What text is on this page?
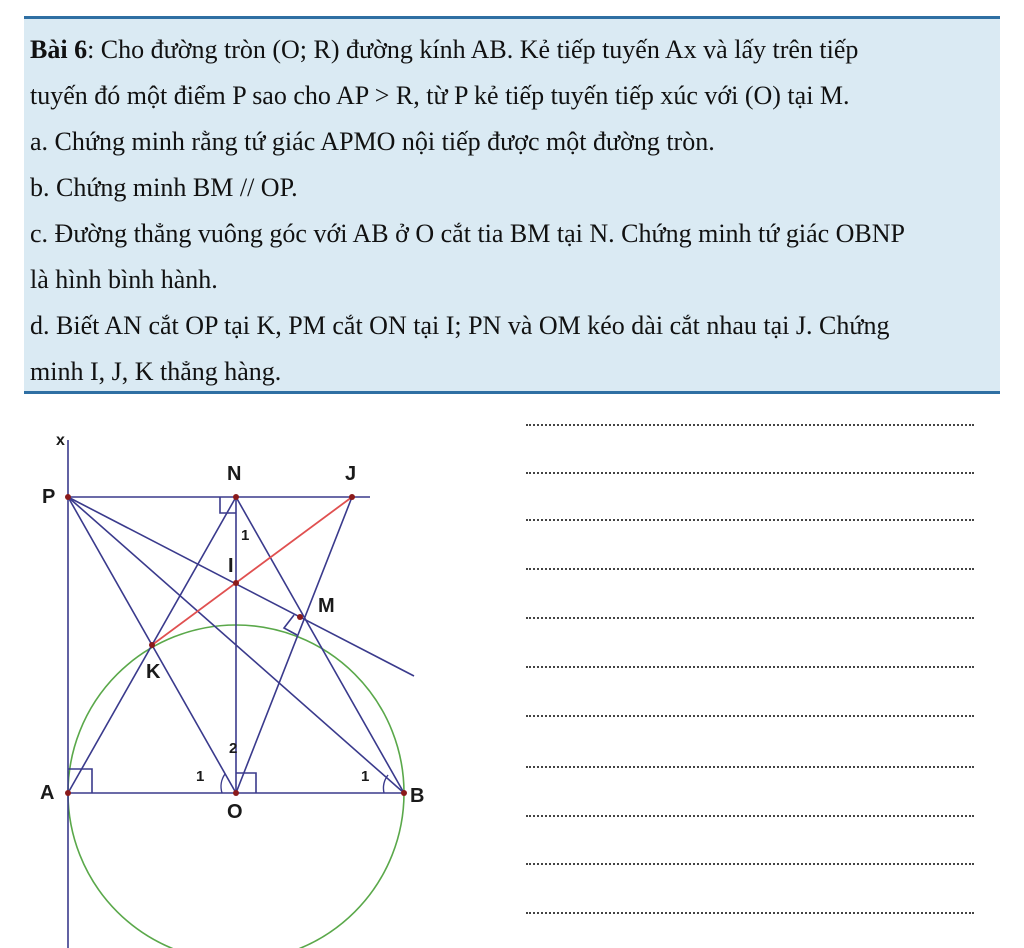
Bài 6: Cho đường tròn (O; R) đường kính AB. Kẻ tiếp tuyến Ax và lấy trên tiếp
tuyến đó một điểm P sao cho AP > R, từ P kẻ tiếp tuyến tiếp xúc với (O) tại M.
a. Chứng minh rằng tứ giác APMO nội tiếp được một đường tròn.
b. Chứng minh BM // OP.
c. Đường thẳng vuông góc với AB ở O cắt tia BM tại N. Chứng minh tứ giác OBNP
là hình bình hành.
d. Biết AN cắt OP tại K, PM cắt ON tại I; PN và OM kéo dài cắt nhau tại J. Chứng
minh I, J, K thẳng hàng.
x
P
N	J
I
M
K
A
O
B
1
2
1	1
